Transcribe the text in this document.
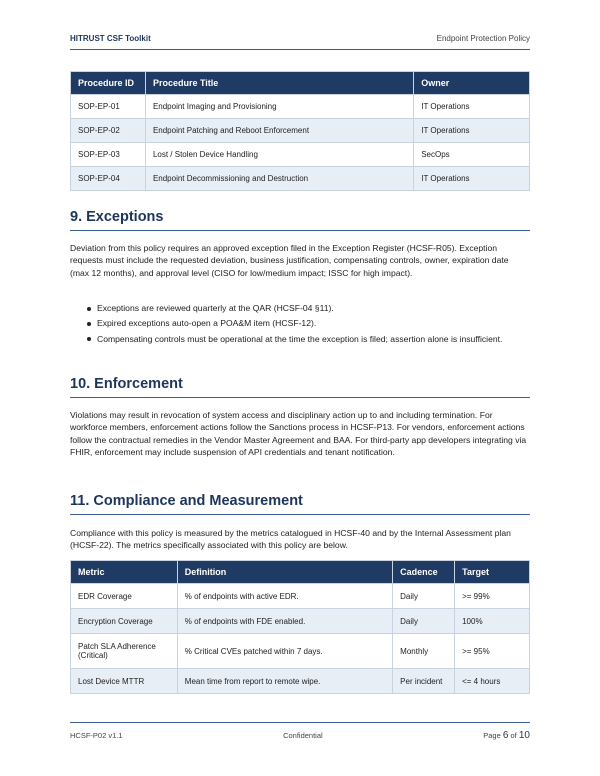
HITRUST CSF Toolkit	Endpoint Protection Policy
Procedure ID	Procedure Title	Owner
SOP-EP-01	Endpoint Imaging and Provisioning	IT Operations
SOP-EP-02	Endpoint Patching and Reboot Enforcement	IT Operations
SOP-EP-03	Lost / Stolen Device Handling	SecOps
SOP-EP-04	Endpoint Decommissioning and Destruction	IT Operations
9. Exceptions

Deviation from this policy requires an approved exception filed in the Exception Register (HCSF-R05). Exception requests must include the requested deviation, business justification, compensating controls, owner, expiration date (max 12 months), and approval level (CISO for low/medium impact; ISSC for high impact).

Exceptions are reviewed quarterly at the QAR (HCSF-04 §11).
Expired exceptions auto-open a POA&M item (HCSF-12).
Compensating controls must be operational at the time the exception is filed; assertion alone is insufficient.
10. Enforcement

Violations may result in revocation of system access and disciplinary action up to and including termination. For workforce members, enforcement actions follow the Sanctions process in HCSF-P13. For vendors, enforcement actions follow the contractual remedies in the Vendor Master Agreement and BAA. For third-party app developers integrating via FHIR, enforcement may include suspension of API credentials and tenant notification.

11. Compliance and Measurement

Compliance with this policy is measured by the metrics catalogued in HCSF-40 and by the Internal Assessment plan (HCSF-22). The metrics specifically associated with this policy are below.

Metric	Definition	Cadence	Target
EDR Coverage	% of endpoints with active EDR.	Daily	>= 99%
Encryption Coverage	% of endpoints with FDE enabled.	Daily	100%
Patch SLA Adherence (Critical)	% Critical CVEs patched within 7 days.	Monthly	>= 95%
Lost Device MTTR	Mean time from report to remote wipe.	Per incident	<= 4 hours
HCSF-P02 v1.1	Confidential	Page 6 of 10
